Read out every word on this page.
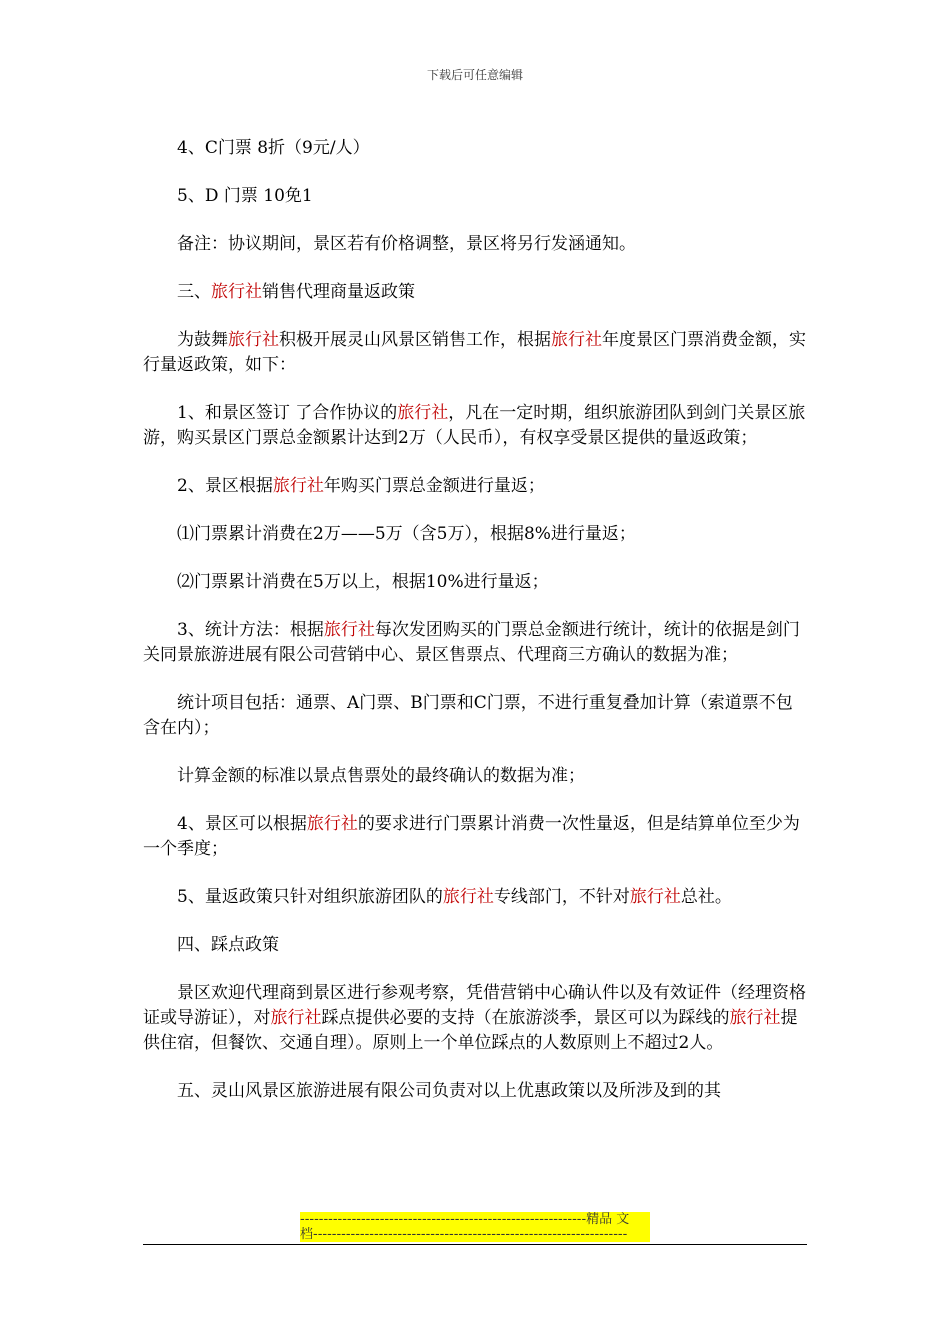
下载后可任意编辑

4、C门票 8折（9元/人）

5、D 门票 10免1

备注：协议期间，景区若有价格调整，景区将另行发涵通知。

三、旅行社销售代理商量返政策

为鼓舞旅行社积极开展灵山风景区销售工作，根据旅行社年度景区门票消费金额，实行量返政策，如下：

1、和景区签订 了合作协议的旅行社，凡在一定时期，组织旅游团队到剑门关景区旅游，购买景区门票总金额累计达到2万（人民币），有权享受景区提供的量返政策；

2、景区根据旅行社年购买门票总金额进行量返；

⑴门票累计消费在2万——5万（含5万），根据8%进行量返；

⑵门票累计消费在5万以上，根据10%进行量返；

3、统计方法：根据旅行社每次发团购买的门票总金额进行统计，统计的依据是剑门关同景旅游进展有限公司营销中心、景区售票点、代理商三方确认的数据为准；

统计项目包括：通票、A门票、B门票和C门票，不进行重复叠加计算（索道票不包含在内）；

计算金额的标准以景点售票处的最终确认的数据为准；

4、景区可以根据旅行社的要求进行门票累计消费一次性量返，但是结算单位至少为一个季度；

5、量返政策只针对组织旅游团队的旅行社专线部门，不针对旅行社总社。

四、踩点政策

景区欢迎代理商到景区进行参观考察，凭借营销中心确认件以及有效证件（经理资格证或导游证），对旅行社踩点提供必要的支持（在旅游淡季，景区可以为踩线的旅行社提供住宿，但餐饮、交通自理）。原则上一个单位踩点的人数原则上不超过2人。

五、灵山风景区旅游进展有限公司负责对以上优惠政策以及所涉及到的其

-------------------------------------------------------------精品 文
档-------------------------------------------------------------------
